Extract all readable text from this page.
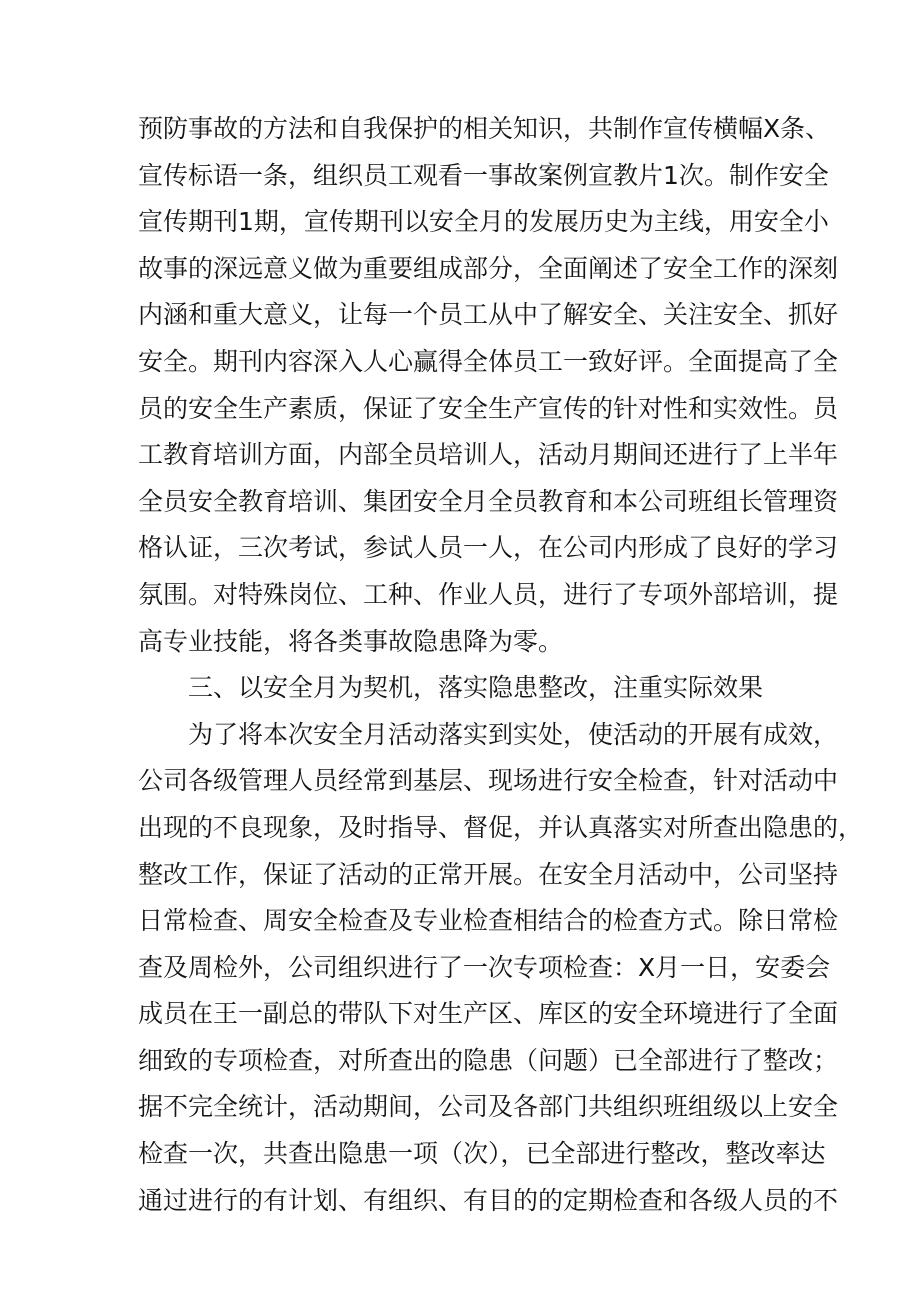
预防事故的方法和自我保护的相关知识，共制作宣传横幅X条、
宣传标语一条，组织员工观看一事故案例宣教片1次。制作安全
宣传期刊1期，宣传期刊以安全月的发展历史为主线，用安全小
故事的深远意义做为重要组成部分，全面阐述了安全工作的深刻
内涵和重大意义，让每一个员工从中了解安全、关注安全、抓好
安全。期刊内容深入人心赢得全体员工一致好评。全面提高了全
员的安全生产素质，保证了安全生产宣传的针对性和实效性。员
工教育培训方面，内部全员培训人，活动月期间还进行了上半年
全员安全教育培训、集团安全月全员教育和本公司班组长管理资
格认证，三次考试，参试人员一人，在公司内形成了良好的学习
氛围。对特殊岗位、工种、作业人员，进行了专项外部培训，提
高专业技能，将各类事故隐患降为零。
三、以安全月为契机，落实隐患整改，注重实际效果
为了将本次安全月活动落实到实处，使活动的开展有成效，
公司各级管理人员经常到基层、现场进行安全检查，针对活动中
出现的不良现象，及时指导、督促，并认真落实对所查出隐患的，
整改工作，保证了活动的正常开展。在安全月活动中，公司坚持
日常检查、周安全检查及专业检查相结合的检查方式。除日常检
查及周检外，公司组织进行了一次专项检查：X月一日，安委会
成员在王一副总的带队下对生产区、库区的安全环境进行了全面
细致的专项检查，对所查出的隐患（问题）已全部进行了整改；
据不完全统计，活动期间，公司及各部门共组织班组级以上安全
检查一次，共查出隐患一项（次），已全部进行整改，整改率达
通过进行的有计划、有组织、有目的的定期检查和各级人员的不
